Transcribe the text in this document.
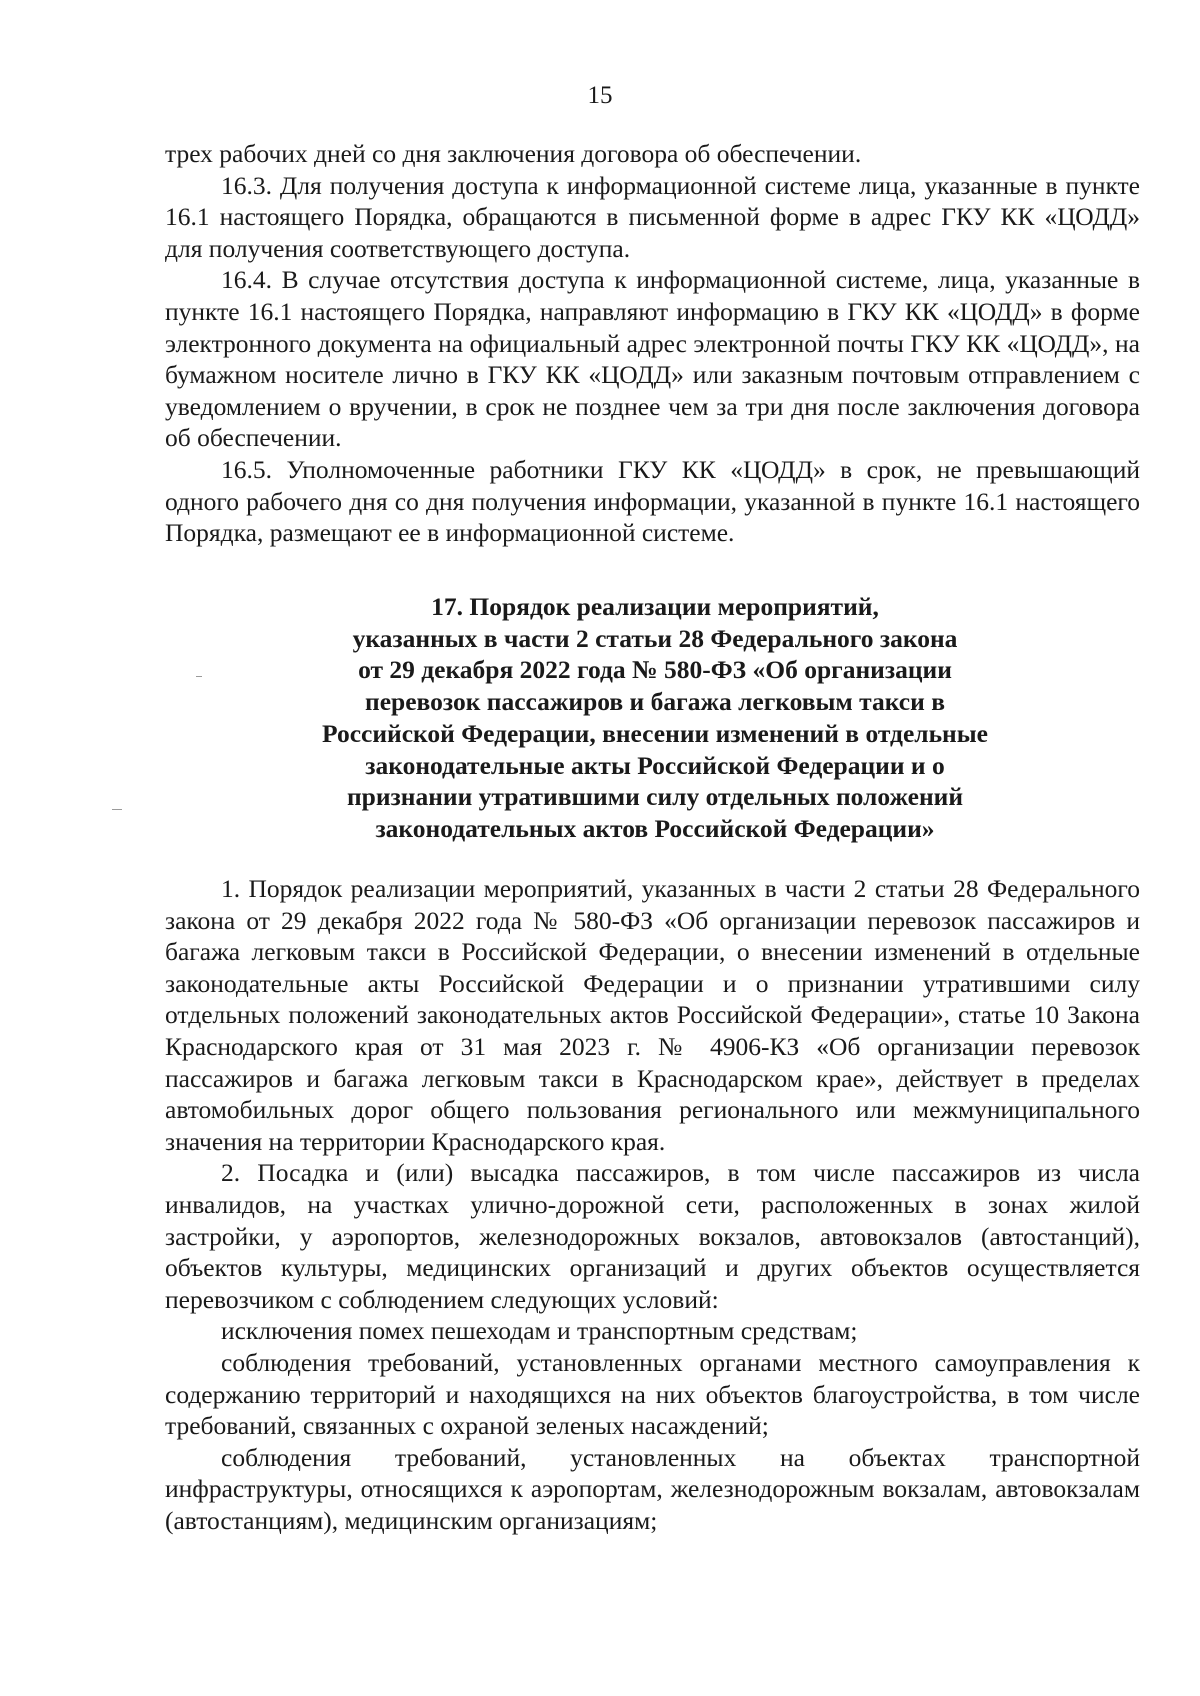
15

трех рабочих дней со дня заключения договора об обеспечении.

16.3. Для получения доступа к информационной системе лица, указанные в пункте 16.1 настоящего Порядка, обращаются в письменной форме в адрес ГКУ КК «ЦОДД» для получения соответствующего доступа.

16.4. В случае отсутствия доступа к информационной системе, лица, указанные в пункте 16.1 настоящего Порядка, направляют информацию в ГКУ КК «ЦОДД» в форме электронного документа на официальный адрес электронной почты ГКУ КК «ЦОДД», на бумажном носителе лично в ГКУ КК «ЦОДД» или заказным почтовым отправлением с уведомлением о вручении, в срок не позднее чем за три дня после заключения договора об обеспечении.

16.5. Уполномоченные работники ГКУ КК «ЦОДД» в срок, не превышающий одного рабочего дня со дня получения информации, указанной в пункте 16.1 настоящего Порядка, размещают ее в информационной системе.

17. Порядок реализации мероприятий,
указанных в части 2 статьи 28 Федерального закона
от 29 декабря 2022 года № 580-ФЗ «Об организации
перевозок пассажиров и багажа легковым такси в
Российской Федерации, внесении изменений в отдельные
законодательные акты Российской Федерации и о
признании утратившими силу отдельных положений
законодательных актов Российской Федерации»

1. Порядок реализации мероприятий, указанных в части 2 статьи 28 Федерального закона от 29 декабря 2022 года № 580-ФЗ «Об организации перевозок пассажиров и багажа легковым такси в Российской Федерации, о внесении изменений в отдельные законодательные акты Российской Федерации и о признании утратившими силу отдельных положений законодательных актов Российской Федерации», статье 10 Закона Краснодарского края от 31 мая 2023 г. № 4906-КЗ «Об организации перевозок пассажиров и багажа легковым такси в Краснодарском крае», действует в пределах автомобильных дорог общего пользования регионального или межмуниципального значения на территории Краснодарского края.

2. Посадка и (или) высадка пассажиров, в том числе пассажиров из числа инвалидов, на участках улично-дорожной сети, расположенных в зонах жилой застройки, у аэропортов, железнодорожных вокзалов, автовокзалов (автостанций), объектов культуры, медицинских организаций и других объектов осуществляется перевозчиком с соблюдением следующих условий:

исключения помех пешеходам и транспортным средствам;

соблюдения требований, установленных органами местного самоуправления к содержанию территорий и находящихся на них объектов благоустройства, в том числе требований, связанных с охраной зеленых насаждений;

соблюдения требований, установленных на объектах транспортной инфраструктуры, относящихся к аэропортам, железнодорожным вокзалам, автовокзалам (автостанциям), медицинским организациям;
